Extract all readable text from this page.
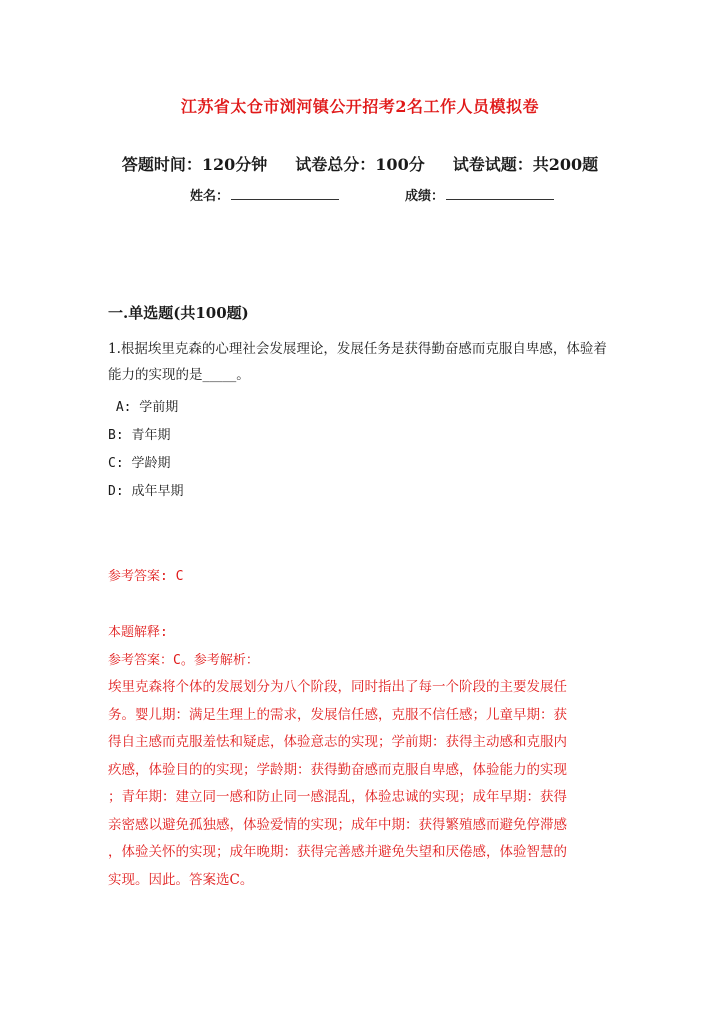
江苏省太仓市浏河镇公开招考2名工作人员模拟卷
答题时间：120分钟 试卷总分：100分 试卷试题：共200题
姓名：	成绩：
一.单选题(共100题)
1.根据埃里克森的心理社会发展理论，发展任务是获得勤奋感而克服自卑感，体验着能力的实现的是_____。
A: 学前期
B: 青年期
C: 学龄期
D: 成年早期
参考答案: C
本题解释:
参考答案：C。参考解析：
埃里克森将个体的发展划分为八个阶段，同时指出了每一个阶段的主要发展任
务。婴儿期：满足生理上的需求，发展信任感，克服不信任感；儿童早期：获
得自主感而克服羞怯和疑虑，体验意志的实现；学前期：获得主动感和克服内
疚感，体验目的的实现；学龄期：获得勤奋感而克服自卑感，体验能力的实现
；青年期：建立同一感和防止同一感混乱，体验忠诚的实现；成年早期：获得
亲密感以避免孤独感，体验爱情的实现；成年中期：获得繁殖感而避免停滞感
，体验关怀的实现；成年晚期：获得完善感并避免失望和厌倦感，体验智慧的
实现。因此。答案选C。
